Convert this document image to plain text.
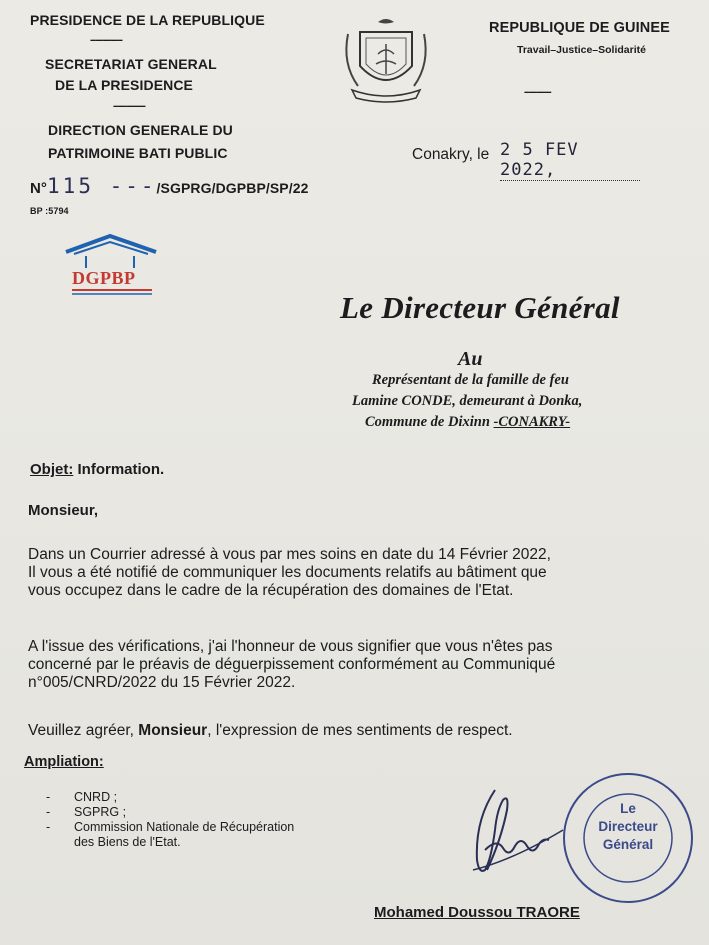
PRESIDENCE DE LA REPUBLIQUE
------------
SECRETARIAT GENERAL
DE LA PRESIDENCE
------------
DIRECTION GENERALE DU
PATRIMOINE BATI PUBLIC
N°115 ---/SGPRG/DGPBP/SP/22
BP :5794
DGPBP
REPUBLIQUE DE GUINEE
Travail–Justice–Solidarité
----------
Conakry, le 2 5 FEV 2022,
Le Directeur Général
Au
Représentant de la famille de feu
Lamine CONDE, demeurant à Donka,
Commune de Dixinn -CONAKRY-
Objet: Information.
Monsieur,
Dans un Courrier adressé à vous par mes soins en date du 14 Février 2022,
Il vous a été notifié de communiquer les documents relatifs au bâtiment que
vous occupez dans le cadre de la récupération des domaines de l'Etat.
A l'issue des vérifications, j'ai l'honneur de vous signifier que vous n'êtes pas
concerné par le préavis de déguerpissement conformément au Communiqué
n°005/CNRD/2022 du 15 Février 2022.
Veuillez agréer, Monsieur, l'expression de mes sentiments de respect.
Ampliation:
- CNRD ;
- SGPRG ;
- Commission Nationale de Récupération
des Biens de l'Etat.
Le
Directeur
Général
Mohamed Doussou TRAORE
